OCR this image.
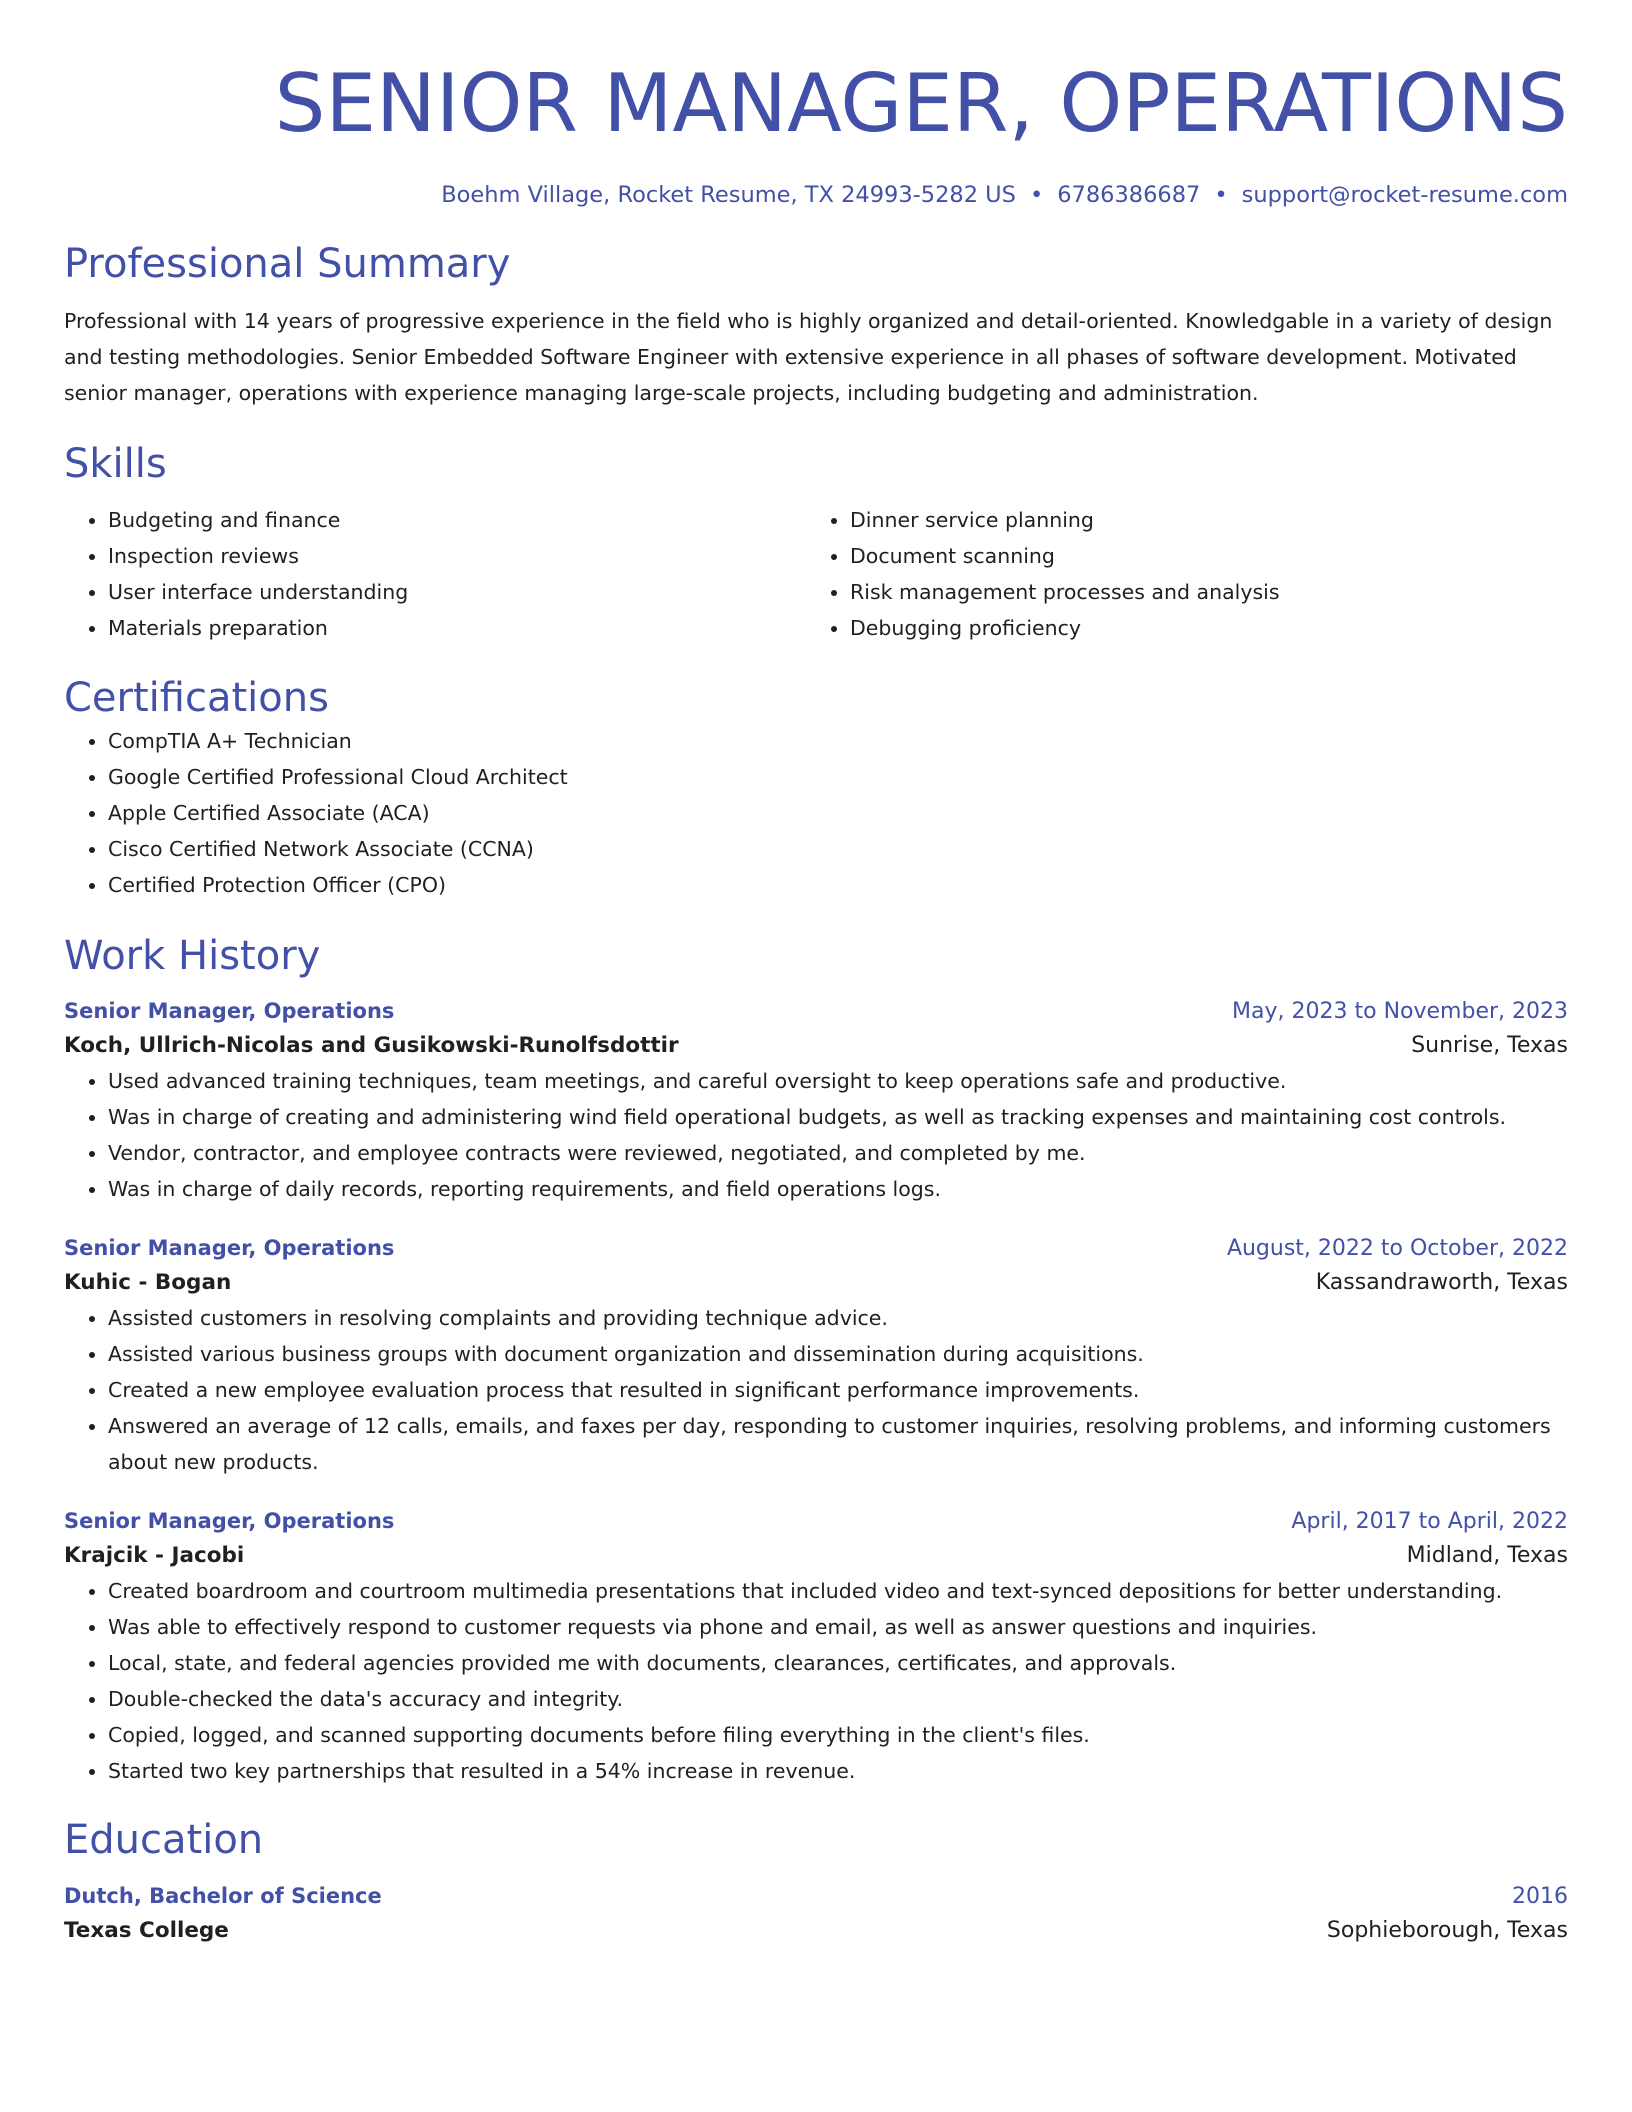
SENIOR MANAGER, OPERATIONS
Boehm Village, Rocket Resume, TX 24993-5282 US • 6786386687 • support@rocket-resume.com
Professional Summary
Professional with 14 years of progressive experience in the field who is highly organized and detail-oriented. Knowledgable in a variety of design and testing methodologies. Senior Embedded Software Engineer with extensive experience in all phases of software development. Motivated senior manager, operations with experience managing large-scale projects, including budgeting and administration.
Skills
• Budgeting and finance
• Inspection reviews
• User interface understanding
• Materials preparation
• Dinner service planning
• Document scanning
• Risk management processes and analysis
• Debugging proficiency
Certifications
• CompTIA A+ Technician
• Google Certified Professional Cloud Architect
• Apple Certified Associate (ACA)
• Cisco Certified Network Associate (CCNA)
• Certified Protection Officer (CPO)
Work History
Senior Manager, Operations	May, 2023 to November, 2023
Koch, Ullrich-Nicolas and Gusikowski-Runolfsdottir	Sunrise, Texas
• Used advanced training techniques, team meetings, and careful oversight to keep operations safe and productive.
• Was in charge of creating and administering wind field operational budgets, as well as tracking expenses and maintaining cost controls.
• Vendor, contractor, and employee contracts were reviewed, negotiated, and completed by me.
• Was in charge of daily records, reporting requirements, and field operations logs.
Senior Manager, Operations	August, 2022 to October, 2022
Kuhic - Bogan	Kassandraworth, Texas
• Assisted customers in resolving complaints and providing technique advice.
• Assisted various business groups with document organization and dissemination during acquisitions.
• Created a new employee evaluation process that resulted in significant performance improvements.
• Answered an average of 12 calls, emails, and faxes per day, responding to customer inquiries, resolving problems, and informing customers about new products.
Senior Manager, Operations	April, 2017 to April, 2022
Krajcik - Jacobi	Midland, Texas
• Created boardroom and courtroom multimedia presentations that included video and text-synced depositions for better understanding.
• Was able to effectively respond to customer requests via phone and email, as well as answer questions and inquiries.
• Local, state, and federal agencies provided me with documents, clearances, certificates, and approvals.
• Double-checked the data's accuracy and integrity.
• Copied, logged, and scanned supporting documents before filing everything in the client's files.
• Started two key partnerships that resulted in a 54% increase in revenue.
Education
Dutch, Bachelor of Science	2016
Texas College	Sophieborough, Texas
